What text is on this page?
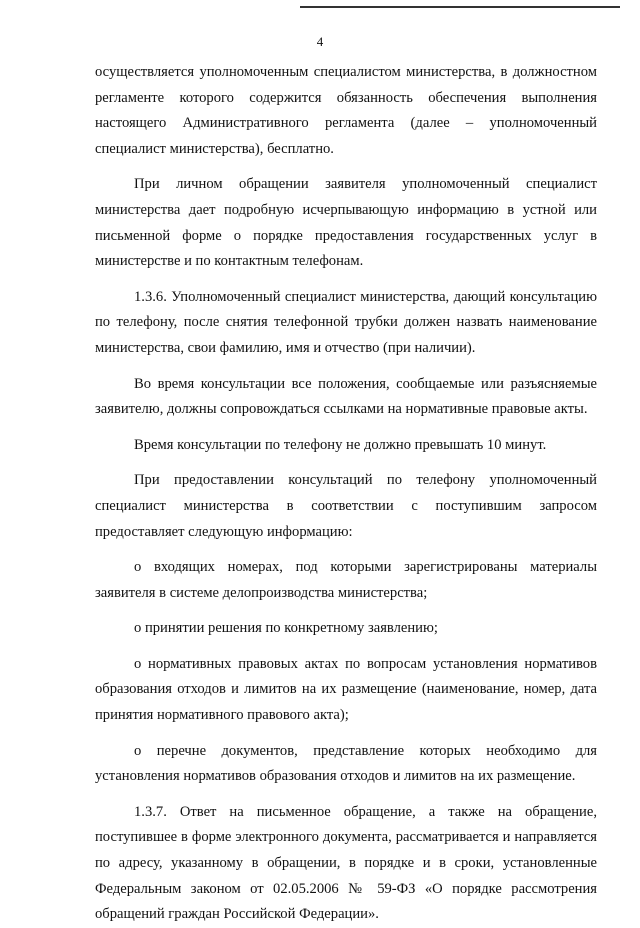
4

осуществляется уполномоченным специалистом министерства, в должностном регламенте которого содержится обязанность обеспечения выполнения настоящего Административного регламента (далее – уполномоченный специалист министерства), бесплатно.

При личном обращении заявителя уполномоченный специалист министерства дает подробную исчерпывающую информацию в устной или письменной форме о порядке предоставления государственных услуг в министерстве и по контактным телефонам.

1.3.6. Уполномоченный специалист министерства, дающий консультацию по телефону, после снятия телефонной трубки должен назвать наименование министерства, свои фамилию, имя и отчество (при наличии).

Во время консультации все положения, сообщаемые или разъясняемые заявителю, должны сопровождаться ссылками на нормативные правовые акты.

Время консультации по телефону не должно превышать 10 минут.

При предоставлении консультаций по телефону уполномоченный специалист министерства в соответствии с поступившим запросом предоставляет следующую информацию:

о входящих номерах, под которыми зарегистрированы материалы заявителя в системе делопроизводства министерства;

о принятии решения по конкретному заявлению;

о нормативных правовых актах по вопросам установления нормативов образования отходов и лимитов на их размещение (наименование, номер, дата принятия нормативного правового акта);

о перечне документов, представление которых необходимо для установления нормативов образования отходов и лимитов на их размещение.

1.3.7. Ответ на письменное обращение, а также на обращение, поступившее в форме электронного документа, рассматривается и направляется по адресу, указанному в обращении, в порядке и в сроки, установленные Федеральным законом от 02.05.2006 № 59-ФЗ «О порядке рассмотрения обращений граждан Российской Федерации».
